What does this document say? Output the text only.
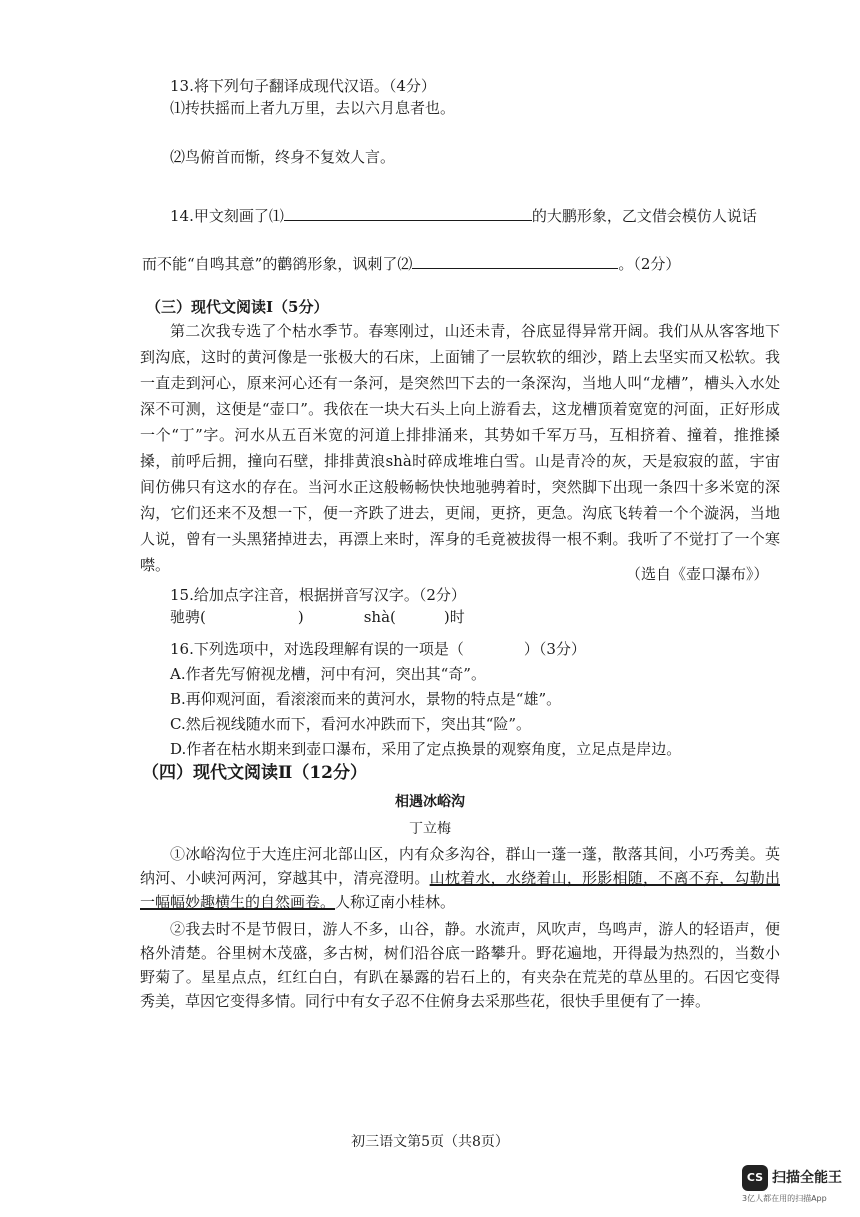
13.将下列句子翻译成现代汉语。（4分）
⑴抟扶摇而上者九万里，去以六月息者也。
⑵鸟俯首而惭，终身不复效人言。
14.甲文刻画了⑴	的大鹏形象，乙文借会模仿人说话
而不能“自鸣其意”的鹳鹆形象，讽刺了⑵	。（2分）
（三）现代文阅读Ⅰ（5分）
第二次我专选了个枯水季节。春寒刚过，山还未青，谷底显得异常开阔。我们从从客客地下到沟底，这时的黄河像是一张极大的石床，上面铺了一层软软的细沙，踏上去坚实而又松软。我一直走到河心，原来河心还有一条河，是突然凹下去的一条深沟，当地人叫“龙槽”，槽头入水处深不可测，这便是“壶口”。我依在一块大石头上向上游看去，这龙槽顶着宽宽的河面，正好形成一个“丁”字。河水从五百米宽的河道上排排涌来，其势如千军万马，互相挤着、撞着，推推搡搡，前呼后拥，撞向石壁，排排黄浪shà时碎成堆堆白雪。山是青冷的灰，天是寂寂的蓝，宇宙间仿佛只有这水的存在。当河水正这般畅畅快快地驰骋着时，突然脚下出现一条四十多米宽的深沟，它们还来不及想一下，便一齐跌了进去，更闹，更挤，更急。沟底飞转着一个个漩涡，当地人说，曾有一头黑猪掉进去，再漂上来时，浑身的毛竟被拔得一根不剩。我听了不觉打了一个寒噤。	（选自《壶口瀑布》）
15.给加点字注音，根据拼音写汉字。（2分）
驰骋(	)	shà(	)时
16.下列选项中，对选段理解有误的一项是（	）（3分）
A.作者先写俯视龙槽，河中有河，突出其“奇”。
B.再仰观河面，看滚滚而来的黄河水，景物的特点是“雄”。
C.然后视线随水而下，看河水冲跌而下，突出其“险”。
D.作者在枯水期来到壶口瀑布，采用了定点换景的观察角度，立足点是岸边。
（四）现代文阅读Ⅱ（12分）
相遇冰峪沟
丁立梅
①冰峪沟位于大连庄河北部山区，内有众多沟谷，群山一蓬一蓬，散落其间，小巧秀美。英纳河、小峡河两河，穿越其中，清亮澄明。山枕着水，水绕着山，形影相随，不离不弃，勾勒出一幅幅妙趣横生的自然画卷。人称辽南小桂林。
②我去时不是节假日，游人不多，山谷，静。水流声，风吹声，鸟鸣声，游人的轻语声，便格外清楚。谷里树木茂盛，多古树，树们沿谷底一路攀升。野花遍地，开得最为热烈的，当数小野菊了。星星点点，红红白白，有趴在暴露的岩石上的，有夹杂在荒芜的草丛里的。石因它变得秀美，草因它变得多情。同行中有女子忍不住俯身去采那些花，很快手里便有了一捧。
初三语文第5页（共8页）
CS 扫描全能王
3亿人都在用的扫描App
